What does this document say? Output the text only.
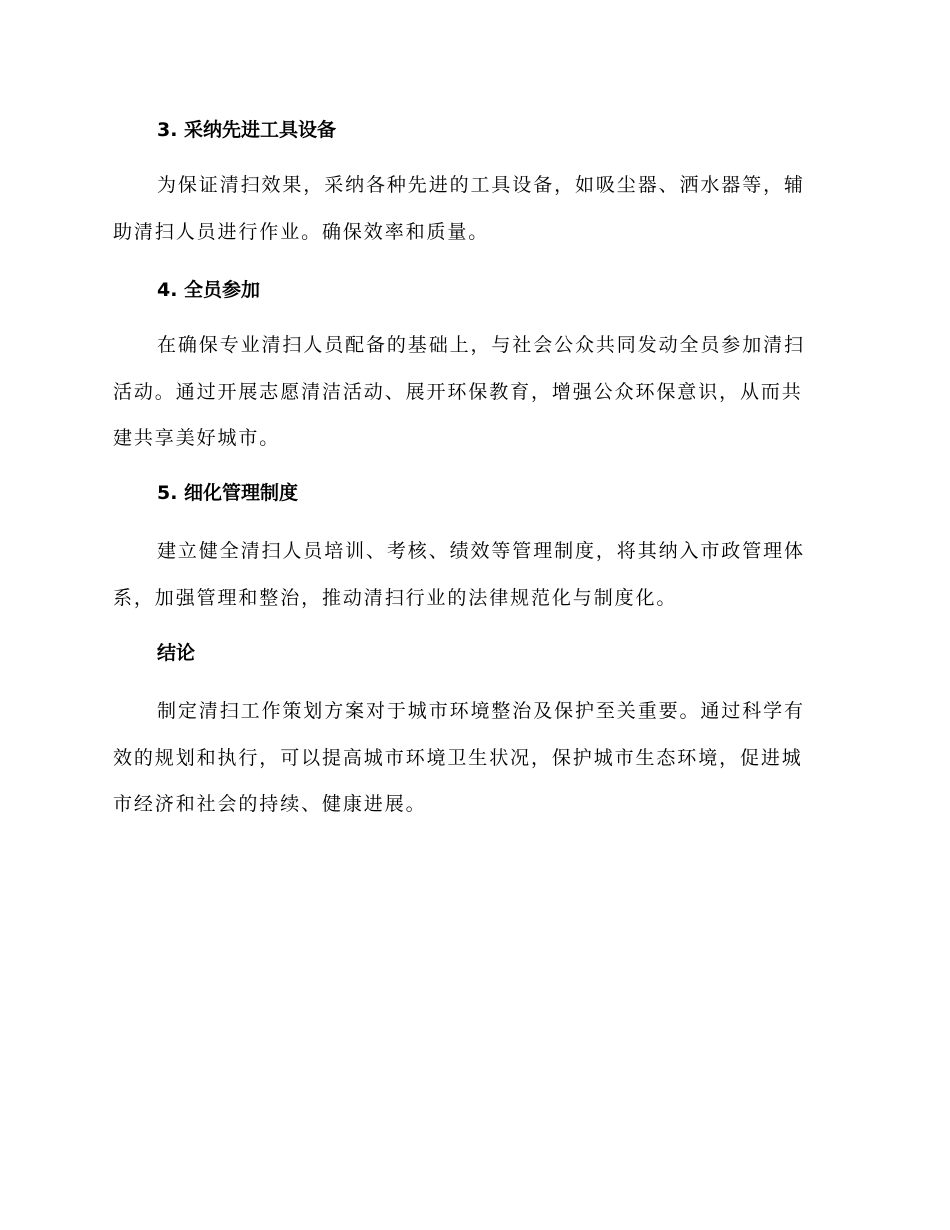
3. 采纳先进工具设备
为保证清扫效果，采纳各种先进的工具设备，如吸尘器、洒水器等，辅
助清扫人员进行作业。确保效率和质量。
4. 全员参加
在确保专业清扫人员配备的基础上，与社会公众共同发动全员参加清扫
活动。通过开展志愿清洁活动、展开环保教育，增强公众环保意识，从而共
建共享美好城市。
5. 细化管理制度
建立健全清扫人员培训、考核、绩效等管理制度，将其纳入市政管理体
系，加强管理和整治，推动清扫行业的法律规范化与制度化。
结论
制定清扫工作策划方案对于城市环境整治及保护至关重要。通过科学有
效的规划和执行，可以提高城市环境卫生状况，保护城市生态环境，促进城
市经济和社会的持续、健康进展。
